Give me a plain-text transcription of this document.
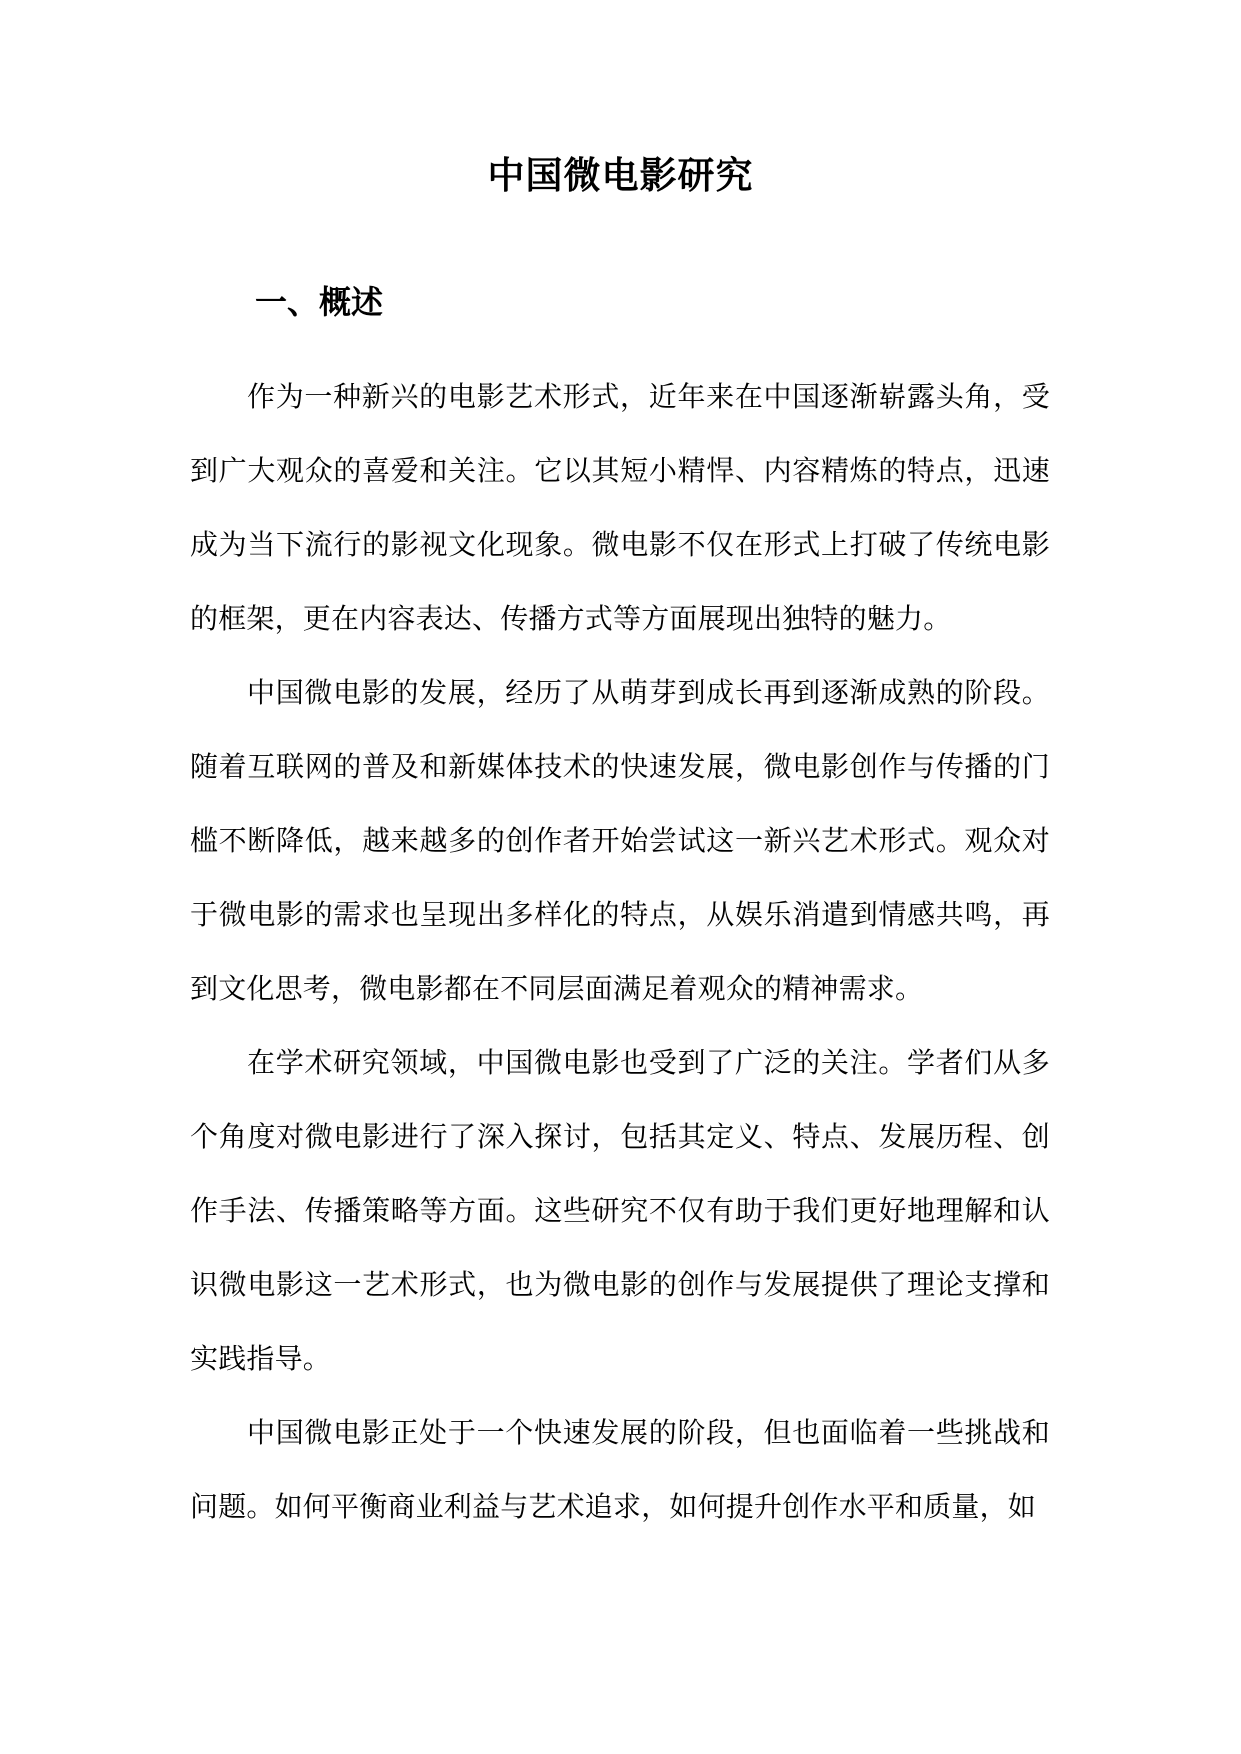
中国微电影研究
一、概述

作为一种新兴的电影艺术形式，近年来在中国逐渐崭露头角，受到广大观众的喜爱和关注。它以其短小精悍、内容精炼的特点，迅速成为当下流行的影视文化现象。微电影不仅在形式上打破了传统电影的框架，更在内容表达、传播方式等方面展现出独特的魅力。

中国微电影的发展，经历了从萌芽到成长再到逐渐成熟的阶段。随着互联网的普及和新媒体技术的快速发展，微电影创作与传播的门槛不断降低，越来越多的创作者开始尝试这一新兴艺术形式。观众对于微电影的需求也呈现出多样化的特点，从娱乐消遣到情感共鸣，再到文化思考，微电影都在不同层面满足着观众的精神需求。

在学术研究领域，中国微电影也受到了广泛的关注。学者们从多个角度对微电影进行了深入探讨，包括其定义、特点、发展历程、创作手法、传播策略等方面。这些研究不仅有助于我们更好地理解和认识微电影这一艺术形式，也为微电影的创作与发展提供了理论支撑和实践指导。

中国微电影正处于一个快速发展的阶段，但也面临着一些挑战和问题。如何平衡商业利益与艺术追求，如何提升创作水平和质量，如
